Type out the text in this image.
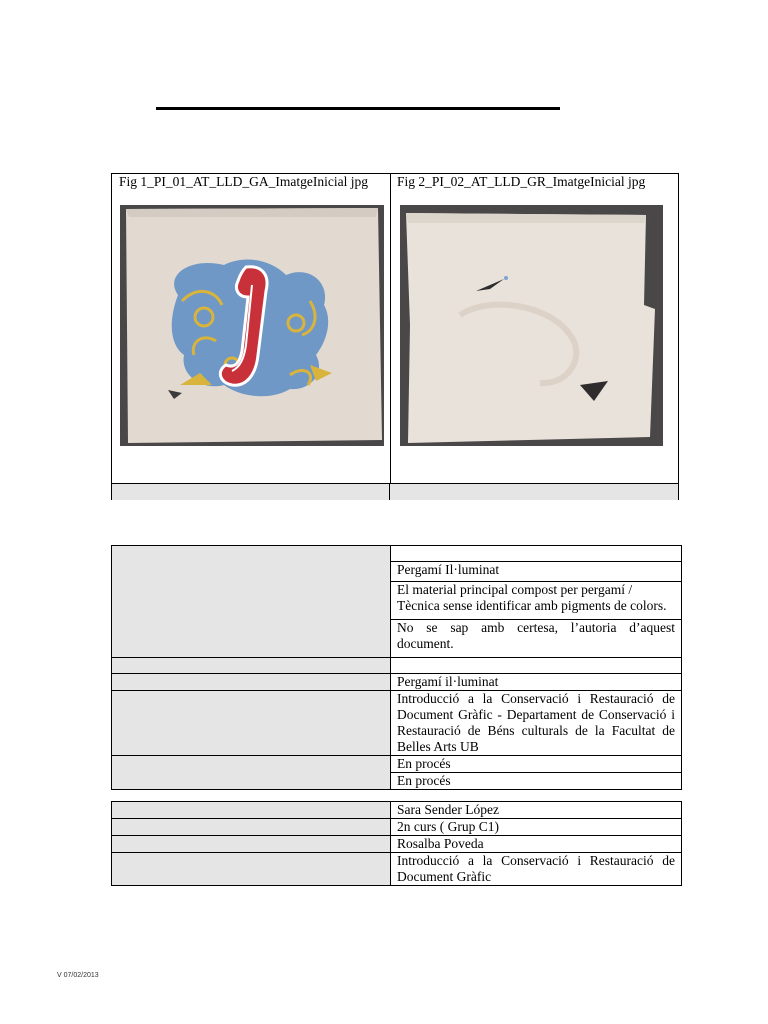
Fig 1_PI_01_AT_LLD_GA_ImatgeInicial jpg Fig 2_PI_02_AT_LLD_GR_ImatgeInicial jpg

	Pergamí Il·luminat
	El material principal compost per pergamí / Tècnica sense identificar amb pigments de colors.
	No se sap amb certesa, l’autoria d’aquest document.

	Pergamí il·luminat
	Introducció a la Conservació i Restauració de Document Gràfic - Departament de Conservació i Restauració de Béns culturals de la Facultat de Belles Arts UB
	En procés
	En procés
	Sara Sender López
	2n curs ( Grup C1)
	Rosalba Poveda
	Introducció a la Conservació i Restauració de Document Gràfic
V 07/02/2013
